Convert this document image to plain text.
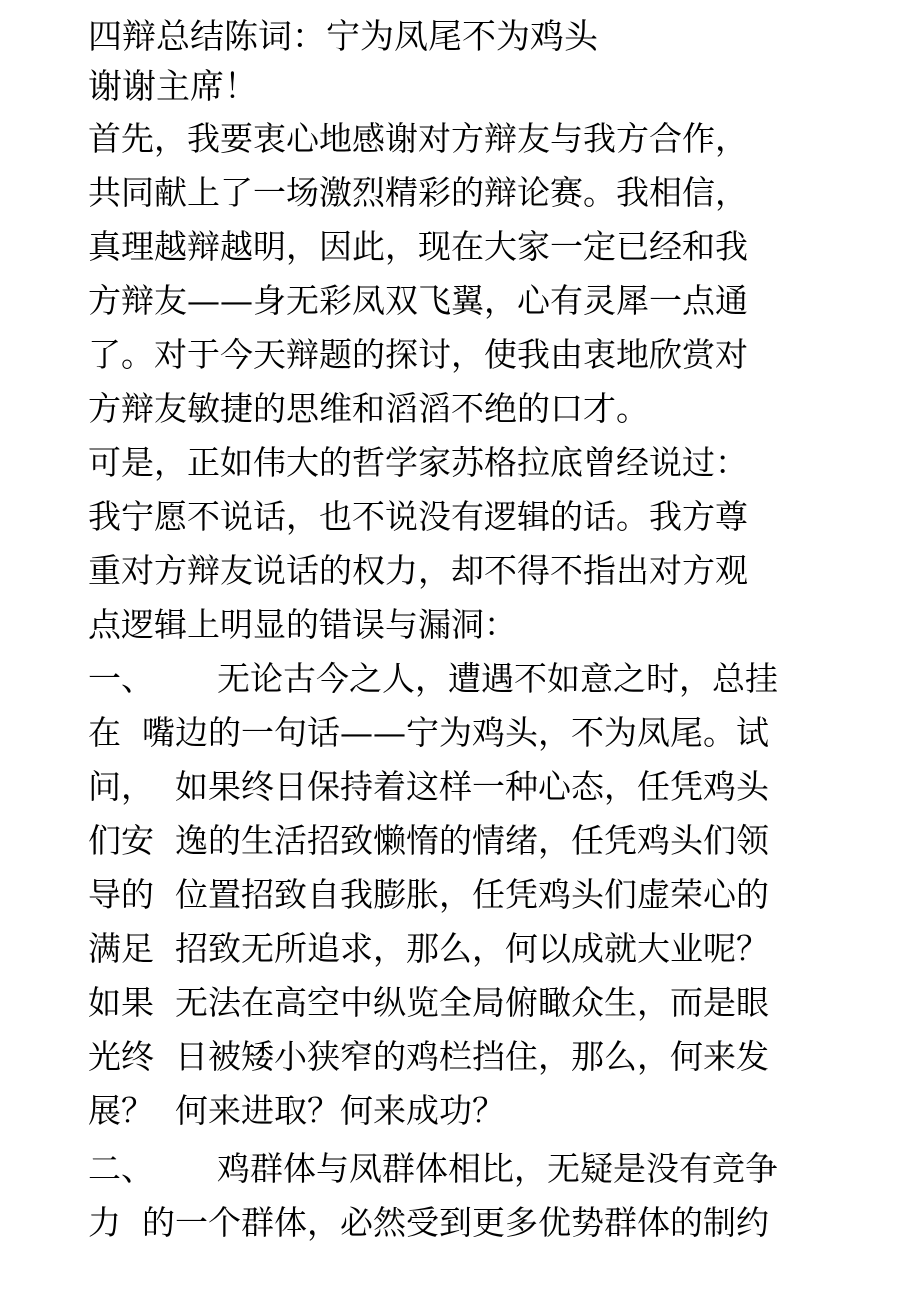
四辩总结陈词：宁为凤尾不为鸡头
谢谢主席！
首先，我要衷心地感谢对方辩友与我方合作，
共同献上了一场激烈精彩的辩论赛。我相信，
真理越辩越明，因此，现在大家一定已经和我
方辩友——身无彩凤双飞翼，心有灵犀一点通
了。对于今天辩题的探讨，使我由衷地欣赏对
方辩友敏捷的思维和滔滔不绝的口才。
可是，正如伟大的哲学家苏格拉底曾经说过：
我宁愿不说话，也不说没有逻辑的话。我方尊
重对方辩友说话的权力，却不得不指出对方观
点逻辑上明显的错误与漏洞：
一、      无论古今之人，遭遇不如意之时，总挂
在  嘴边的一句话——宁为鸡头，不为凤尾。试
问，  如果终日保持着这样一种心态，任凭鸡头
们安  逸的生活招致懒惰的情绪，任凭鸡头们领
导的  位置招致自我膨胀，任凭鸡头们虚荣心的
满足  招致无所追求，那么，何以成就大业呢？
如果  无法在高空中纵览全局俯瞰众生，而是眼
光终  日被矮小狭窄的鸡栏挡住，那么，何来发
展？  何来进取？何来成功？
二、      鸡群体与凤群体相比，无疑是没有竞争
力  的一个群体，必然受到更多优势群体的制约
